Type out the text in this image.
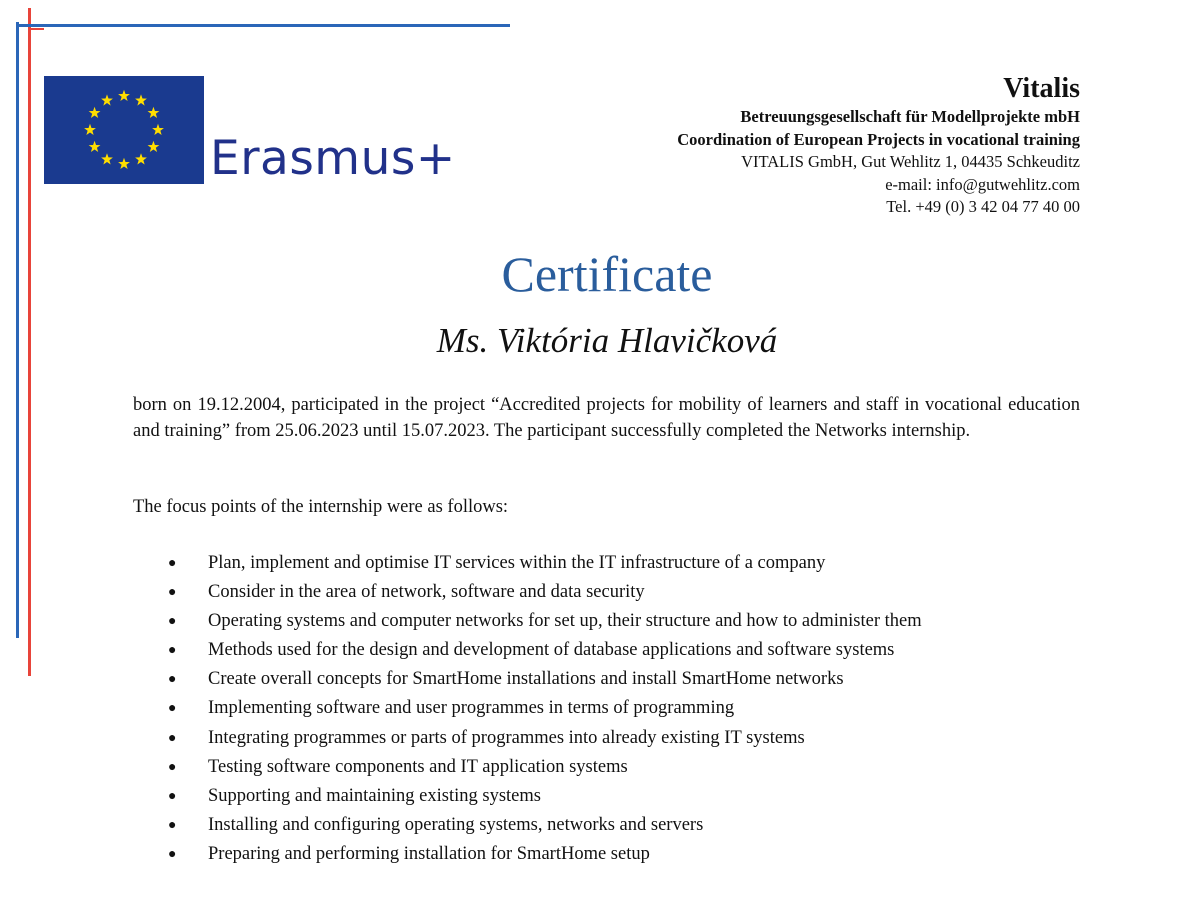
Erasmus+
Vitalis
Betreuungsgesellschaft für Modellprojekte mbH
Coordination of European Projects in vocational training
VITALIS GmbH, Gut Wehlitz 1, 04435 Schkeuditz
e-mail: info@gutwehlitz.com
Tel. +49 (0) 3 42 04 77 40 00
Certificate
Ms. Viktória Hlavičková
born on 19.12.2004, participated in the project “Accredited projects for mobility of learners and staff in vocational education and training” from 25.06.2023 until 15.07.2023. The participant successfully completed the Networks internship.
The focus points of the internship were as follows:
●	Plan, implement and optimise IT services within the IT infrastructure of a company
●	Consider in the area of network, software and data security
●	Operating systems and computer networks for set up, their structure and how to administer them
●	Methods used for the design and development of database applications and software systems
●	Create overall concepts for SmartHome installations and install SmartHome networks
●	Implementing software and user programmes in terms of programming
●	Integrating programmes or parts of programmes into already existing IT systems
●	Testing software components and IT application systems
●	Supporting and maintaining existing systems
●	Installing and configuring operating systems, networks and servers
●	Preparing and performing installation for SmartHome setup
